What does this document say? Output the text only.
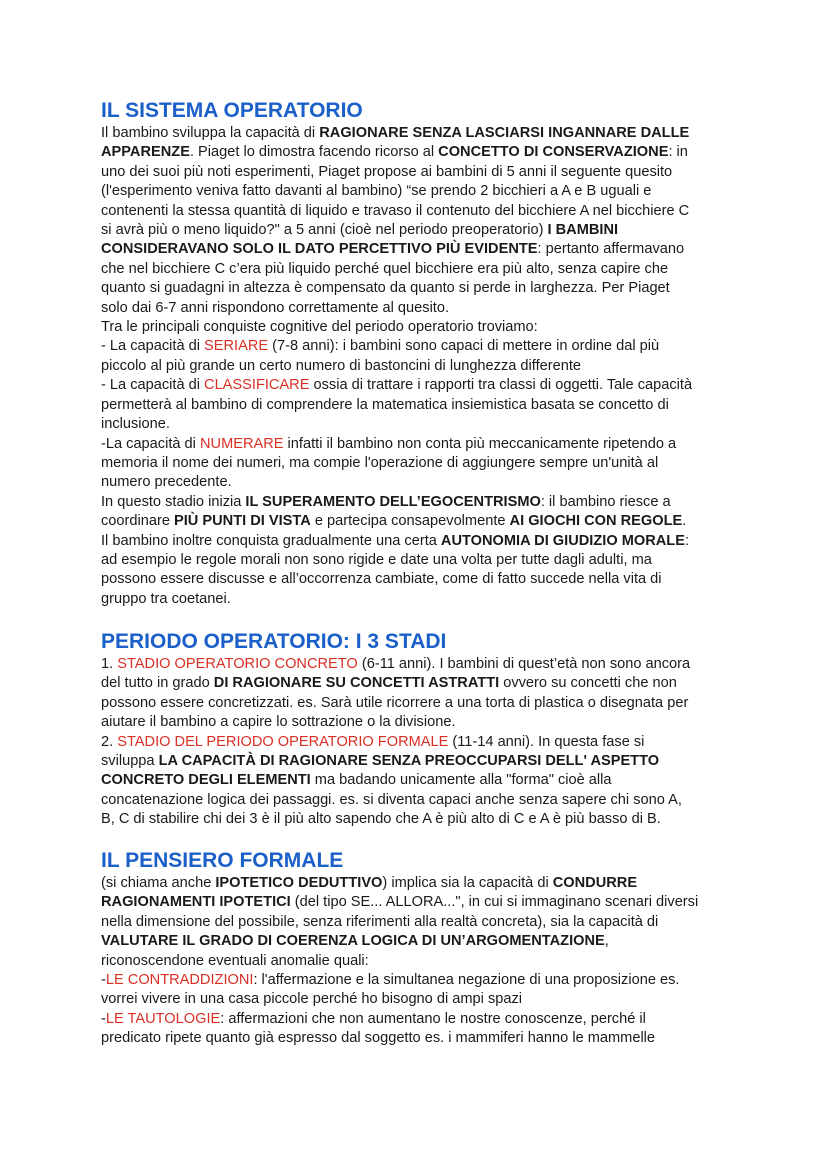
IL SISTEMA OPERATORIO
Il bambino sviluppa la capacità di RAGIONARE SENZA LASCIARSI INGANNARE DALLE
APPARENZE. Piaget lo dimostra facendo ricorso al CONCETTO DI CONSERVAZIONE: in
uno dei suoi più noti esperimenti, Piaget propose ai bambini di 5 anni il seguente quesito
(l'esperimento veniva fatto davanti al bambino) “se prendo 2 bicchieri a A e B uguali e
contenenti la stessa quantità di liquido e travaso il contenuto del bicchiere A nel bicchiere C
si avrà più o meno liquido?" a 5 anni (cioè nel periodo preoperatorio) I BAMBINI
CONSIDERAVANO SOLO IL DATO PERCETTIVO PIÙ EVIDENTE: pertanto affermavano
che nel bicchiere C c’era più liquido perché quel bicchiere era più alto, senza capire che
quanto si guadagni in altezza è compensato da quanto si perde in larghezza. Per Piaget
solo dai 6-7 anni rispondono correttamente al quesito.
Tra le principali conquiste cognitive del periodo operatorio troviamo:
- La capacità di SERIARE (7-8 anni): i bambini sono capaci di mettere in ordine dal più
piccolo al più grande un certo numero di bastoncini di lunghezza differente
- La capacità di CLASSIFICARE ossia di trattare i rapporti tra classi di oggetti. Tale capacità
permetterà al bambino di comprendere la matematica insiemistica basata se concetto di
inclusione.
-La capacità di NUMERARE infatti il bambino non conta più meccanicamente ripetendo a
memoria il nome dei numeri, ma compie l'operazione di aggiungere sempre un'unità al
numero precedente.
In questo stadio inizia IL SUPERAMENTO DELL’EGOCENTRISMO: il bambino riesce a
coordinare PIÙ PUNTI DI VISTA e partecipa consapevolmente AI GIOCHI CON REGOLE.
Il bambino inoltre conquista gradualmente una certa AUTONOMIA DI GIUDIZIO MORALE:
ad esempio le regole morali non sono rigide e date una volta per tutte dagli adulti, ma
possono essere discusse e all’occorrenza cambiate, come di fatto succede nella vita di
gruppo tra coetanei.
PERIODO OPERATORIO: I 3 STADI
1. STADIO OPERATORIO CONCRETO (6-11 anni). I bambini di quest’età non sono ancora
del tutto in grado DI RAGIONARE SU CONCETTI ASTRATTI ovvero su concetti che non
possono essere concretizzati. es. Sarà utile ricorrere a una torta di plastica o disegnata per
aiutare il bambino a capire lo sottrazione o la divisione.
2. STADIO DEL PERIODO OPERATORIO FORMALE (11-14 anni). In questa fase si
sviluppa LA CAPACITÀ DI RAGIONARE SENZA PREOCCUPARSI DELL' ASPETTO
CONCRETO DEGLI ELEMENTI ma badando unicamente alla "forma" cioè alla
concatenazione logica dei passaggi. es. si diventa capaci anche senza sapere chi sono A,
B, C di stabilire chi dei 3 è il più alto sapendo che A è più alto di C e A è più basso di B.
IL PENSIERO FORMALE
(si chiama anche IPOTETICO DEDUTTIVO) implica sia la capacità di CONDURRE
RAGIONAMENTI IPOTETICI (del tipo SE... ALLORA...", in cui si immaginano scenari diversi
nella dimensione del possibile, senza riferimenti alla realtà concreta), sia la capacità di
VALUTARE IL GRADO DI COERENZA LOGICA DI UN’ARGOMENTAZIONE,
riconoscendone eventuali anomalie quali:
-LE CONTRADDIZIONI: l'affermazione e la simultanea negazione di una proposizione es.
vorrei vivere in una casa piccole perché ho bisogno di ampi spazi
-LE TAUTOLOGIE: affermazioni che non aumentano le nostre conoscenze, perché il
predicato ripete quanto già espresso dal soggetto es. i mammiferi hanno le mammelle
